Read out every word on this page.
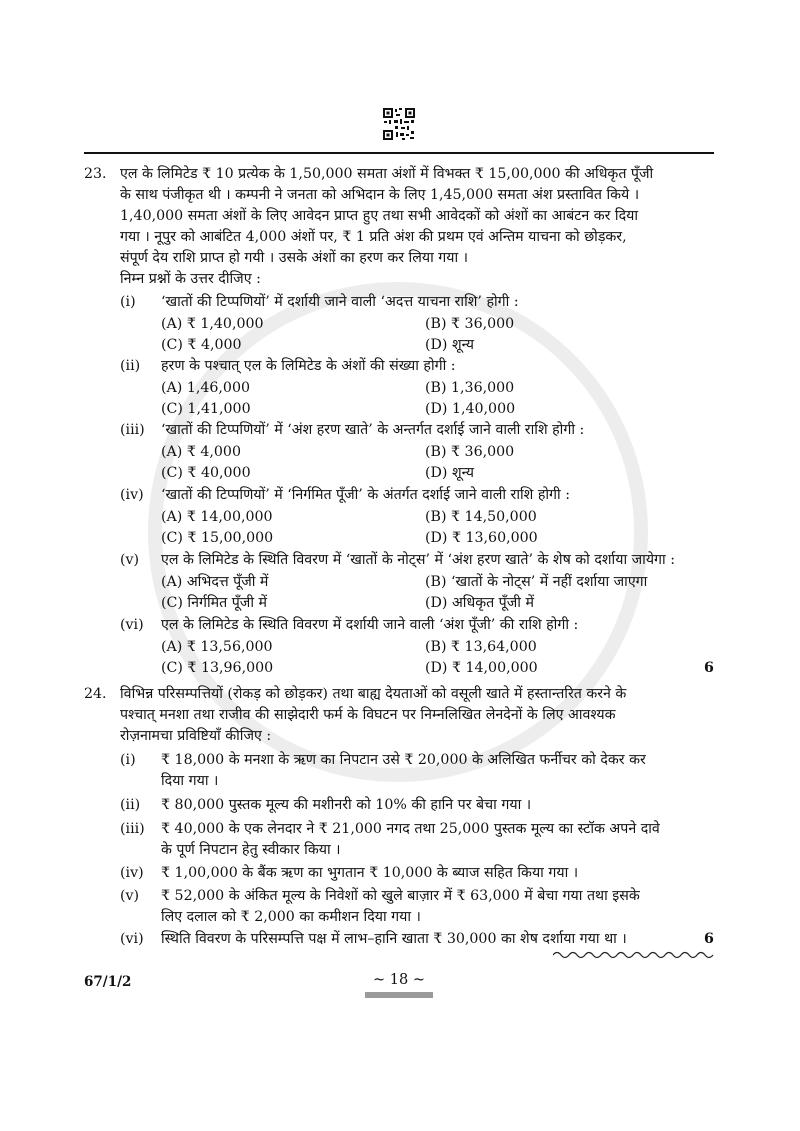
23. एल के लिमिटेड ₹ 10 प्रत्येक के 1,50,000 समता अंशों में विभक्त ₹ 15,00,000 की अधिकृत पूँजी
के साथ पंजीकृत थी । कम्पनी ने जनता को अभिदान के लिए 1,45,000 समता अंश प्रस्तावित किये ।
1,40,000 समता अंशों के लिए आवेदन प्राप्त हुए तथा सभी आवेदकों को अंशों का आबंटन कर दिया
गया । नूपुर को आबंटित 4,000 अंशों पर, ₹ 1 प्रति अंश की प्रथम एवं अन्तिम याचना को छोड़कर,
संपूर्ण देय राशि प्राप्त हो गयी । उसके अंशों का हरण कर लिया गया ।
निम्न प्रश्नों के उत्तर दीजिए :
(i) ‘खातों की टिप्पणियों’ में दर्शायी जाने वाली ‘अदत्त याचना राशि’ होगी :
(A) ₹ 1,40,000	(B) ₹ 36,000
(C) ₹ 4,000	(D) शून्य
(ii) हरण के पश्चात् एल के लिमिटेड के अंशों की संख्या होगी :
(A) 1,46,000	(B) 1,36,000
(C) 1,41,000	(D) 1,40,000
(iii) ‘खातों की टिप्पणियों’ में ‘अंश हरण खाते’ के अन्तर्गत दर्शाई जाने वाली राशि होगी :
(A) ₹ 4,000	(B) ₹ 36,000
(C) ₹ 40,000	(D) शून्य
(iv) ‘खातों की टिप्पणियों’ में ‘निर्गमित पूँजी’ के अंतर्गत दर्शाई जाने वाली राशि होगी :
(A) ₹ 14,00,000	(B) ₹ 14,50,000
(C) ₹ 15,00,000	(D) ₹ 13,60,000
(v) एल के लिमिटेड के स्थिति विवरण में ‘खातों के नोट्स’ में ‘अंश हरण खाते’ के शेष को दर्शाया जायेगा :
(A) अभिदत्त पूँजी में	(B) ‘खातों के नोट्स’ में नहीं दर्शाया जाएगा
(C) निर्गमित पूँजी में	(D) अधिकृत पूँजी में
(vi) एल के लिमिटेड के स्थिति विवरण में दर्शायी जाने वाली ‘अंश पूँजी’ की राशि होगी :
(A) ₹ 13,56,000	(B) ₹ 13,64,000
(C) ₹ 13,96,000	(D) ₹ 14,00,000	6
24. विभिन्न परिसम्पत्तियों (रोकड़ को छोड़कर) तथा बाह्य देयताओं को वसूली खाते में हस्तान्तरित करने के
पश्चात् मनशा तथा राजीव की साझेदारी फर्म के विघटन पर निम्नलिखित लेनदेनों के लिए आवश्यक
रोज़नामचा प्रविष्टियाँ कीजिए :
(i) ₹ 18,000 के मनशा के ऋण का निपटान उसे ₹ 20,000 के अलिखित फर्नीचर को देकर कर
दिया गया ।
(ii) ₹ 80,000 पुस्तक मूल्य की मशीनरी को 10% की हानि पर बेचा गया ।
(iii) ₹ 40,000 के एक लेनदार ने ₹ 21,000 नगद तथा 25,000 पुस्तक मूल्य का स्टॉक अपने दावे
के पूर्ण निपटान हेतु स्वीकार किया ।
(iv) ₹ 1,00,000 के बैंक ऋण का भुगतान ₹ 10,000 के ब्याज सहित किया गया ।
(v) ₹ 52,000 के अंकित मूल्य के निवेशों को खुले बाज़ार में ₹ 63,000 में बेचा गया तथा इसके
लिए दलाल को ₹ 2,000 का कमीशन दिया गया ।
(vi) स्थिति विवरण के परिसम्पत्ति पक्ष में लाभ–हानि खाता ₹ 30,000 का शेष दर्शाया गया था ।	6
67/1/2	~ 18 ~
